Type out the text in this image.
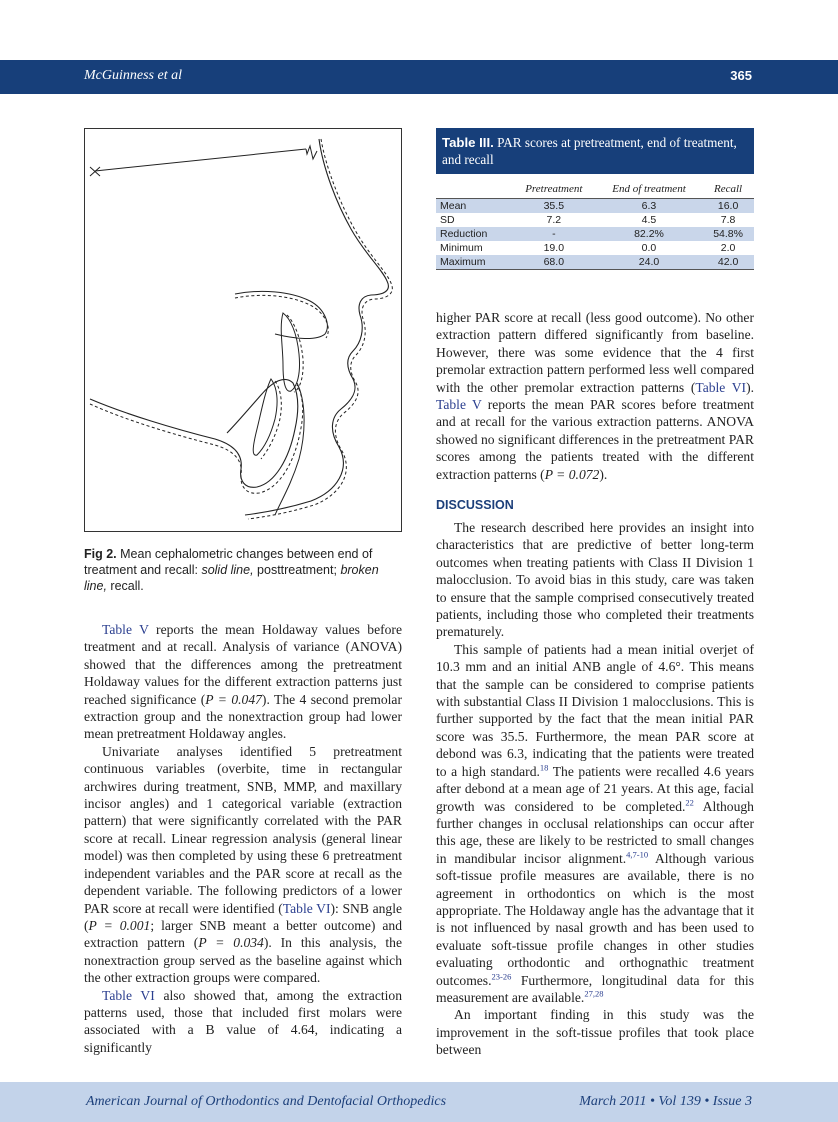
McGuinness et al	365
Fig 2. Mean cephalometric changes between end of treatment and recall: solid line, posttreatment; broken line, recall.

Table V reports the mean Holdaway values before treatment and at recall. Analysis of variance (ANOVA) showed that the differences among the pretreatment Holdaway values for the different extraction patterns just reached significance (P = 0.047). The 4 second premolar extraction group and the nonextraction group had lower mean pretreatment Holdaway angles.

Univariate analyses identified 5 pretreatment continuous variables (overbite, time in rectangular archwires during treatment, SNB, MMP, and maxillary incisor angles) and 1 categorical variable (extraction pattern) that were significantly correlated with the PAR score at recall. Linear regression analysis (general linear model) was then completed by using these 6 pretreatment independent variables and the PAR score at recall as the dependent variable. The following predictors of a lower PAR score at recall were identified (Table VI): SNB angle (P = 0.001; larger SNB meant a better outcome) and extraction pattern (P = 0.034). In this analysis, the nonextraction group served as the baseline against which the other extraction groups were compared.

Table VI also showed that, among the extraction patterns used, those that included first molars were associated with a B value of 4.64, indicating a significantly

Table III. PAR scores at pretreatment, end of treatment, and recall
	Pretreatment	End of treatment	Recall
Mean	35.5	6.3	16.0
SD	7.2	4.5	7.8
Reduction	-	82.2%	54.8%
Minimum	19.0	0.0	2.0
Maximum	68.0	24.0	42.0

higher PAR score at recall (less good outcome). No other extraction pattern differed significantly from baseline. However, there was some evidence that the 4 first premolar extraction pattern performed less well compared with the other premolar extraction patterns (Table VI). Table V reports the mean PAR scores before treatment and at recall for the various extraction patterns. ANOVA showed no significant differences in the pretreatment PAR scores among the patients treated with the different extraction patterns (P = 0.072).

DISCUSSION

The research described here provides an insight into characteristics that are predictive of better long-term outcomes when treating patients with Class II Division 1 malocclusion. To avoid bias in this study, care was taken to ensure that the sample comprised consecutively treated patients, including those who completed their treatments prematurely.

This sample of patients had a mean initial overjet of 10.3 mm and an initial ANB angle of 4.6°. This means that the sample can be considered to comprise patients with substantial Class II Division 1 malocclusions. This is further supported by the fact that the mean initial PAR score was 35.5. Furthermore, the mean PAR score at debond was 6.3, indicating that the patients were treated to a high standard.$^{18}$ The patients were recalled 4.6 years after debond at a mean age of 21 years. At this age, facial growth was considered to be completed.$^{22}$ Although further changes in occlusal relationships can occur after this age, these are likely to be restricted to small changes in mandibular incisor alignment.$^{4,7-10}$ Although various soft-tissue profile measures are available, there is no agreement in orthodontics on which is the most appropriate. The Holdaway angle has the advantage that it is not influenced by nasal growth and has been used to evaluate soft-tissue profile changes in other studies evaluating orthodontic and orthognathic treatment outcomes.$^{23-26}$ Furthermore, longitudinal data for this measurement are available.$^{27,28}$

An important finding in this study was the improvement in the soft-tissue profiles that took place between

American Journal of Orthodontics and Dentofacial Orthopedics	March 2011 • Vol 139 • Issue 3
